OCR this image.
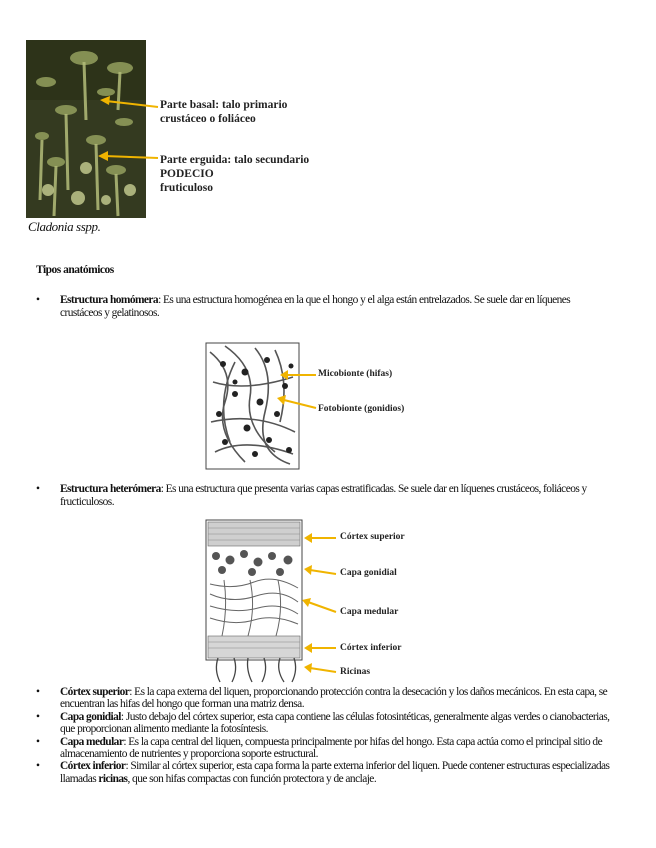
Parte basal: talo primario
crustáceo o foliáceo
Parte erguida: talo secundario
PODECIO
fruticuloso
Cladonia sspp.
Tipos anatómicos
• Estructura homómera: Es una estructura homogénea en la que el hongo y el alga están entrelazados. Se suele dar en líquenes crustáceos y gelatinosos.
Micobionte (hifas)
Fotobionte (gonidios)
• Estructura heterómera: Es una estructura que presenta varias capas estratificadas. Se suele dar en líquenes crustáceos, foliáceos y fructiculosos.
Córtex superior
Capa gonidial
Capa medular
Córtex inferior
Ricinas
• Córtex superior: Es la capa externa del liquen, proporcionando protección contra la desecación y los daños mecánicos. En esta capa, se encuentran las hifas del hongo que forman una matriz densa.
• Capa gonidial: Justo debajo del córtex superior, esta capa contiene las células fotosintéticas, generalmente algas verdes o cianobacterias, que proporcionan alimento mediante la fotosíntesis.
• Capa medular: Es la capa central del liquen, compuesta principalmente por hifas del hongo. Esta capa actúa como el principal sitio de almacenamiento de nutrientes y proporciona soporte estructural.
• Córtex inferior: Similar al córtex superior, esta capa forma la parte externa inferior del liquen. Puede contener estructuras especializadas llamadas ricinas, que son hifas compactas con función protectora y de anclaje.
